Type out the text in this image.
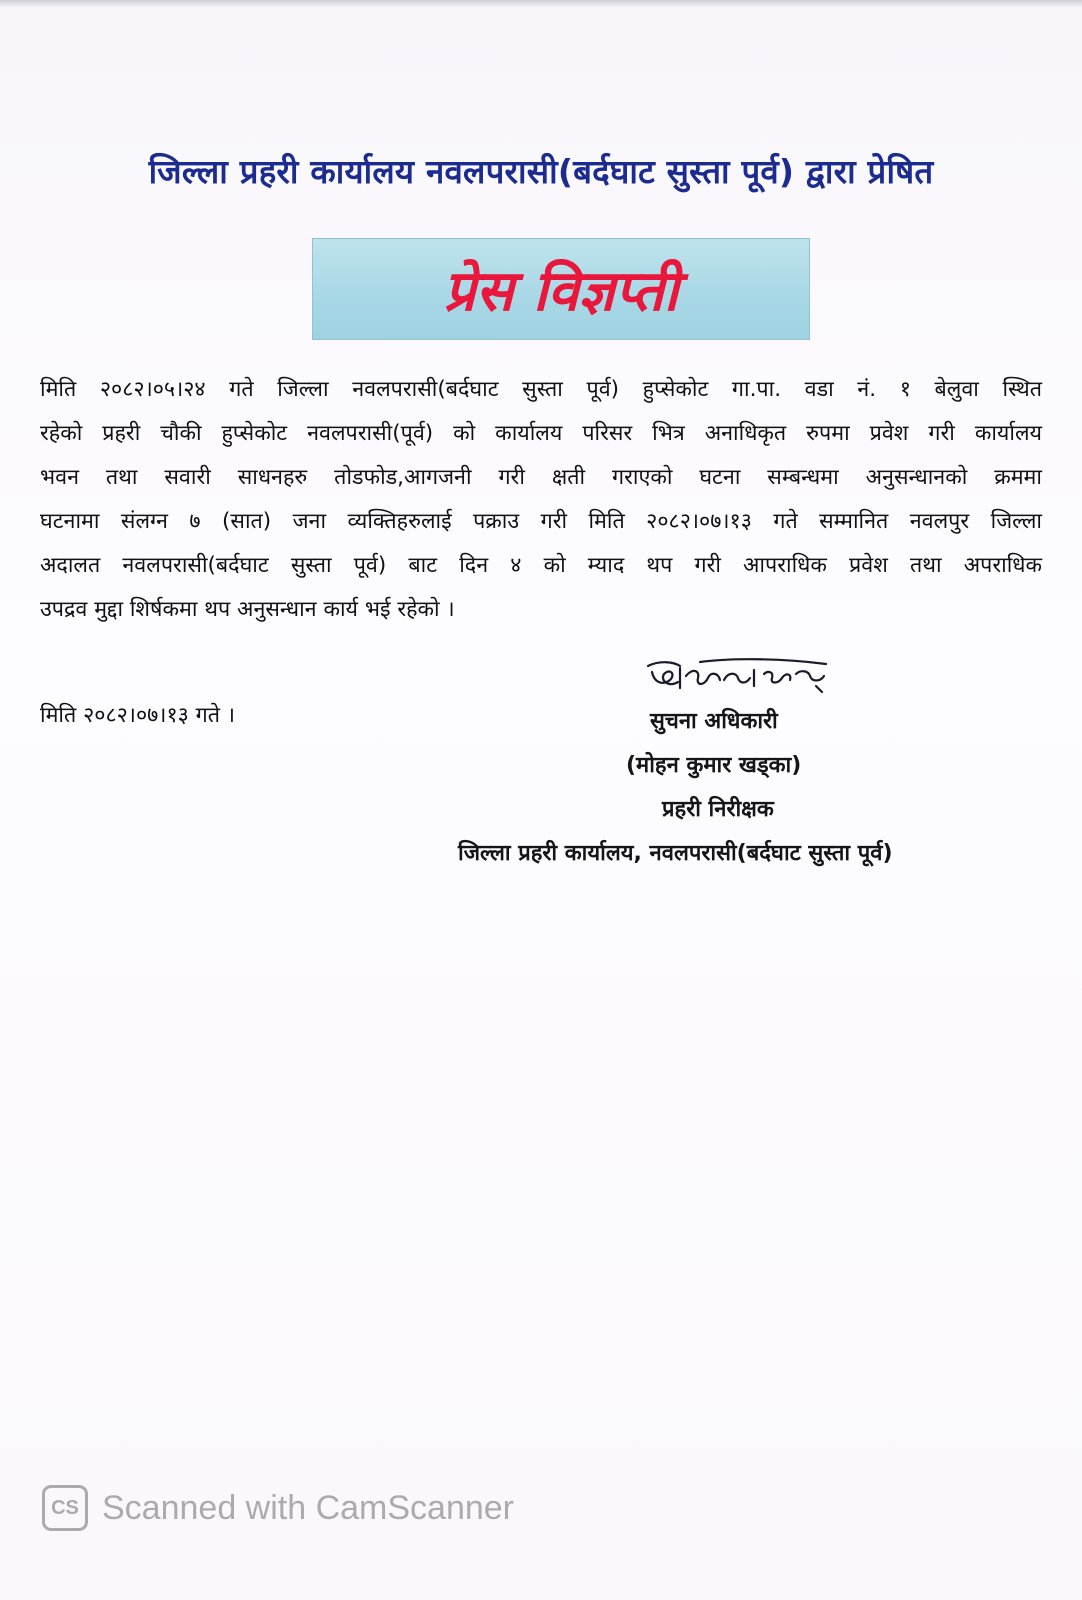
जिल्ला प्रहरी कार्यालय नवलपरासी(बर्दघाट सुस्ता पूर्व) द्वारा प्रेषित
प्रेस विज्ञप्ती
मिति २०८२।०५।२४ गते जिल्ला नवलपरासी(बर्दघाट सुस्ता पूर्व) हुप्सेकोट गा.पा. वडा नं. १ बेलुवा स्थित
रहेको प्रहरी चौकी हुप्सेकोट नवलपरासी(पूर्व) को कार्यालय परिसर भित्र अनाधिकृत रुपमा प्रवेश गरी कार्यालय
भवन तथा सवारी साधनहरु तोडफोड,आगजनी गरी क्षती गराएको घटना सम्बन्धमा अनुसन्धानको क्रममा
घटनामा संलग्न ७ (सात) जना व्यक्तिहरुलाई पक्राउ गरी मिति २०८२।०७।१३ गते सम्मानित नवलपुर जिल्ला
अदालत नवलपरासी(बर्दघाट सुस्ता पूर्व) बाट दिन ४ को म्याद थप गरी आपराधिक प्रवेश तथा अपराधिक
उपद्रव मुद्दा शिर्षकमा थप अनुसन्धान कार्य भई रहेको ।
मिति २०८२।०७।१३ गते ।	सुचना अधिकारी
(मोहन कुमार खड्का)
प्रहरी निरीक्षक
जिल्ला प्रहरी कार्यालय, नवलपरासी(बर्दघाट सुस्ता पूर्व)
CS Scanned with CamScanner
